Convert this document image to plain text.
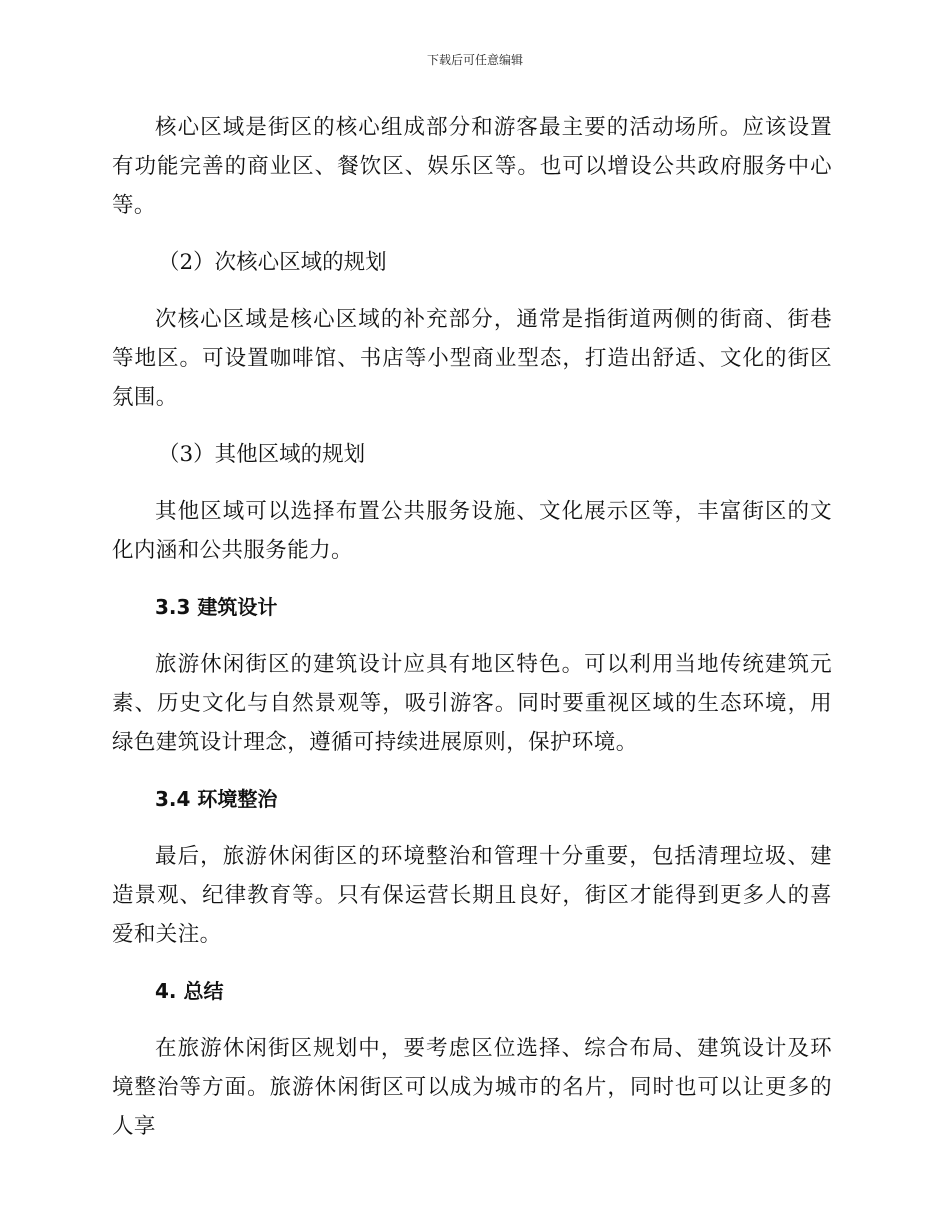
下载后可任意编辑

核心区域是街区的核心组成部分和游客最主要的活动场所。应该设置有功能完善的商业区、餐饮区、娱乐区等。也可以增设公共政府服务中心等。

（2）次核心区域的规划

次核心区域是核心区域的补充部分，通常是指街道两侧的街商、街巷等地区。可设置咖啡馆、书店等小型商业型态，打造出舒适、文化的街区氛围。

（3）其他区域的规划

其他区域可以选择布置公共服务设施、文化展示区等，丰富街区的文化内涵和公共服务能力。

3.3 建筑设计

旅游休闲街区的建筑设计应具有地区特色。可以利用当地传统建筑元素、历史文化与自然景观等，吸引游客。同时要重视区域的生态环境，用绿色建筑设计理念，遵循可持续进展原则，保护环境。

3.4 环境整治

最后，旅游休闲街区的环境整治和管理十分重要，包括清理垃圾、建造景观、纪律教育等。只有保运营长期且良好，街区才能得到更多人的喜爱和关注。

4. 总结

在旅游休闲街区规划中，要考虑区位选择、综合布局、建筑设计及环境整治等方面。旅游休闲街区可以成为城市的名片，同时也可以让更多的人享
